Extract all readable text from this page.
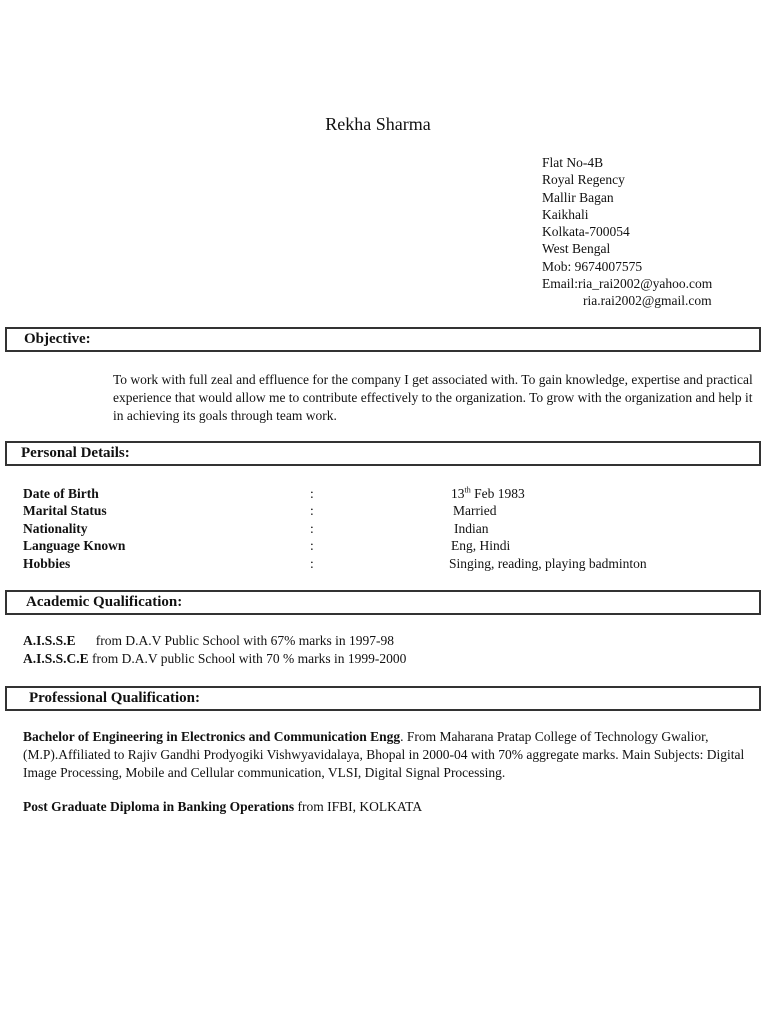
Rekha Sharma
Flat No-4B
Royal Regency
Mallir Bagan
Kaikhali
Kolkata-700054
West Bengal
Mob: 9674007575
Email:ria_rai2002@yahoo.com
ria.rai2002@gmail.com
Objective:
To work with full zeal and effluence for the company I get associated with. To gain knowledge, expertise and practical experience that would allow me to contribute effectively to the organization. To grow with the organization and help it in achieving its goals through team work.
Personal Details:
Date of Birth	:	13th Feb 1983
Marital Status	:	Married
Nationality	:	Indian
Language Known	:	Eng, Hindi
Hobbies	:	Singing, reading, playing badminton
Academic Qualification:
A.I.S.S.E      from D.A.V Public School with 67% marks in 1997-98
A.I.S.S.C.E from D.A.V public School with 70 % marks in 1999-2000
Professional Qualification:
Bachelor of Engineering in Electronics and Communication Engg. From Maharana Pratap College of Technology Gwalior, (M.P).Affiliated to Rajiv Gandhi Prodyogiki Vishwyavidalaya, Bhopal in 2000-04 with 70% aggregate marks. Main Subjects: Digital Image Processing, Mobile and Cellular communication, VLSI, Digital Signal Processing.
Post Graduate Diploma in Banking Operations from IFBI, KOLKATA
